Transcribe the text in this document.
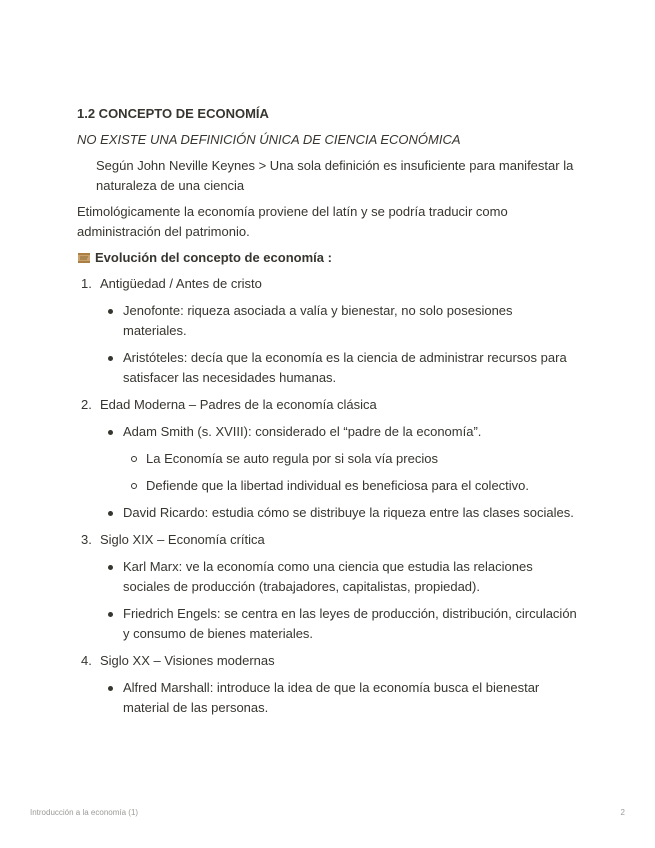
1.2 CONCEPTO DE ECONOMÍA
NO EXISTE UNA DEFINICIÓN ÚNICA DE CIENCIA ECONÓMICA
Según John Neville Keynes > Una sola definición es insuficiente para manifestar la naturaleza de una ciencia
Etimológicamente la economía proviene del latín y se podría traducir como administración del patrimonio.
Evolución del concepto de economía :
1. Antigüedad / Antes de cristo
Jenofonte: riqueza asociada a valía y bienestar, no solo posesiones materiales.
Aristóteles: decía que la economía es la ciencia de administrar recursos para satisfacer las necesidades humanas.
2. Edad Moderna – Padres de la economía clásica
Adam Smith (s. XVIII): considerado el “padre de la economía”.
La Economía se auto regula por si sola vía precios
Defiende que la libertad individual es beneficiosa para el colectivo.
David Ricardo: estudia cómo se distribuye la riqueza entre las clases sociales.
3. Siglo XIX – Economía crítica
Karl Marx: ve la economía como una ciencia que estudia las relaciones sociales de producción (trabajadores, capitalistas, propiedad).
Friedrich Engels: se centra en las leyes de producción, distribución, circulación y consumo de bienes materiales.
4. Siglo XX – Visiones modernas
Alfred Marshall: introduce la idea de que la economía busca el bienestar material de las personas.
Introducción a la economía (1)	2
